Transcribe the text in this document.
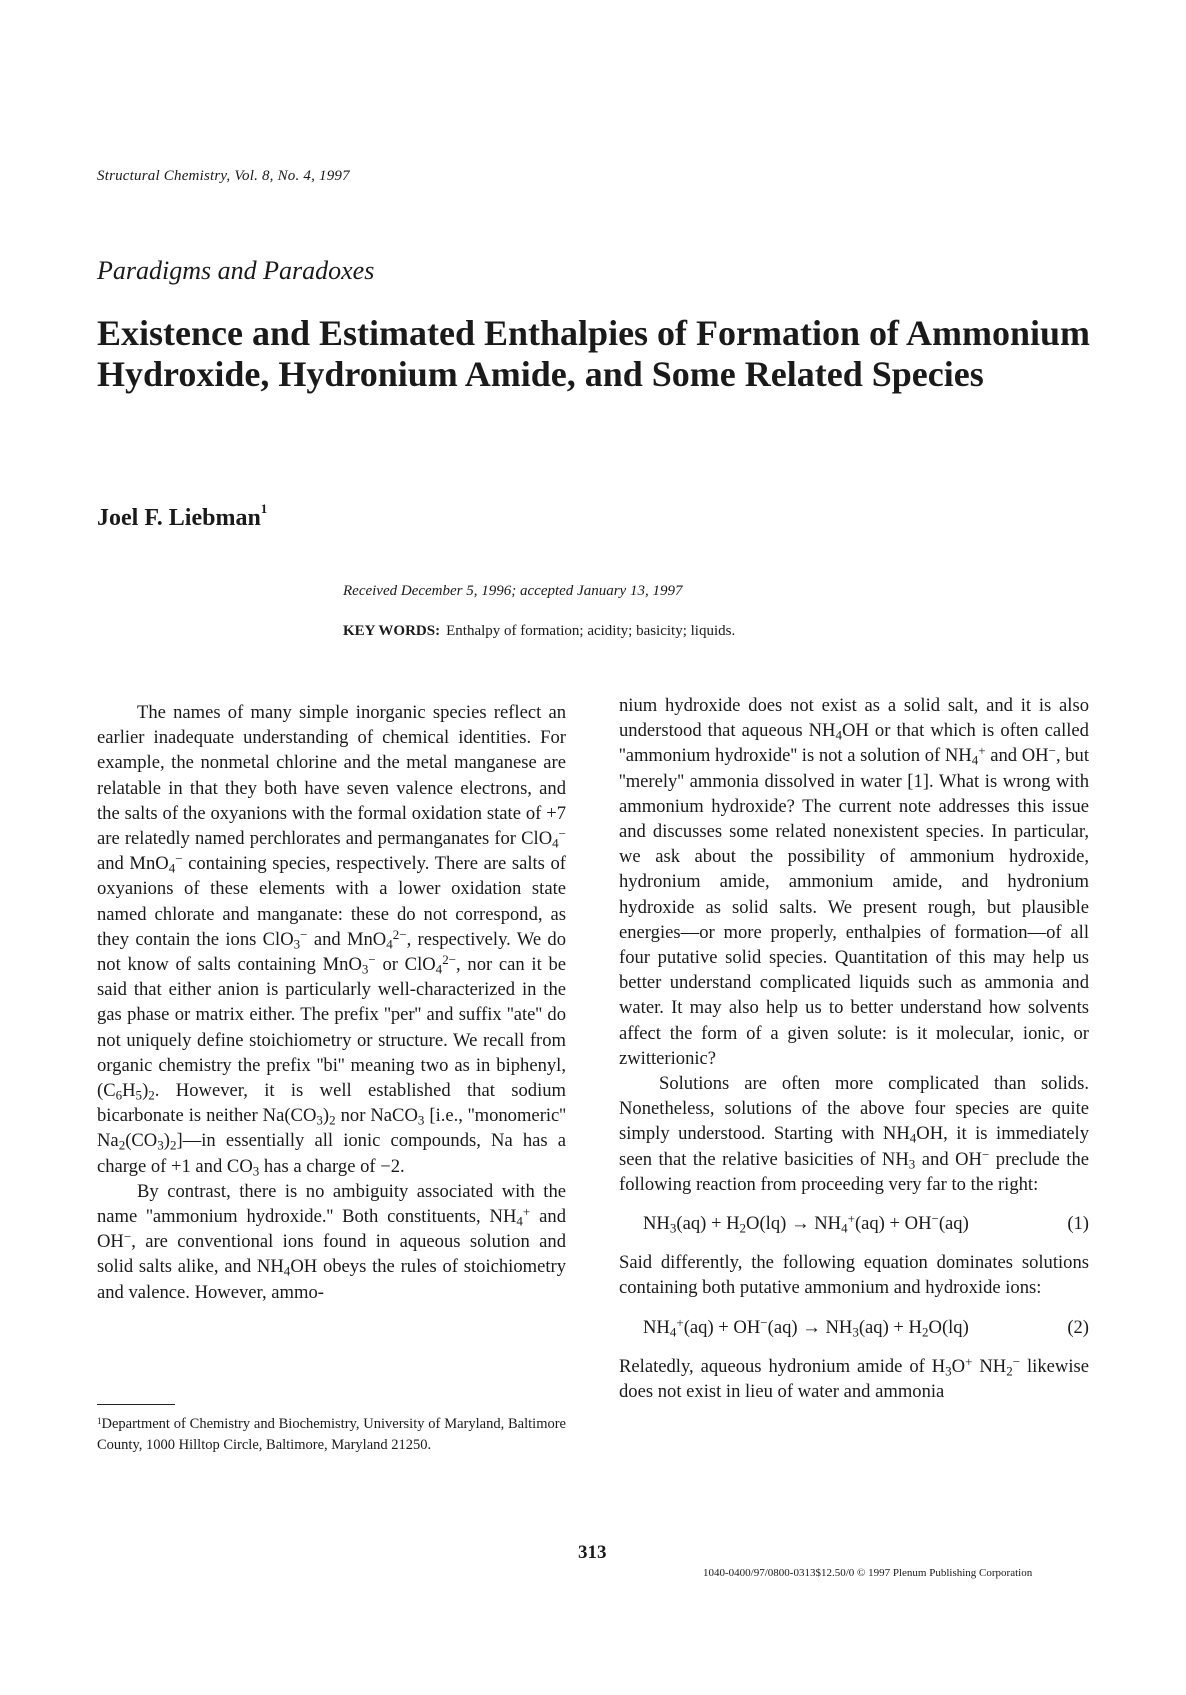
Structural Chemistry, Vol. 8, No. 4, 1997
Paradigms and Paradoxes
Existence and Estimated Enthalpies of Formation of Ammonium Hydroxide, Hydronium Amide, and Some Related Species
Joel F. Liebman$^1$
Received December 5, 1996; accepted January 13, 1997
KEY WORDS: Enthalpy of formation; acidity; basicity; liquids.

The names of many simple inorganic species reflect an earlier inadequate understanding of chemical identities. For example, the nonmetal chlorine and the metal manganese are relatable in that they both have seven valence electrons, and the salts of the oxyanions with the formal oxidation state of +7 are relatedly named perchlorates and permanganates for ClO$_4$− and MnO$_4$− containing species, respectively. There are salts of oxyanions of these elements with a lower oxidation state named chlorate and manganate: these do not correspond, as they contain the ions ClO$_3$− and MnO$_4^{2-}$, respectively. We do not know of salts containing MnO$_3$− or ClO$_4^{2-}$, nor can it be said that either anion is particularly well-characterized in the gas phase or matrix either. The prefix ''per'' and suffix ''ate'' do not uniquely define stoichiometry or structure. We recall from organic chemistry the prefix ''bi'' meaning two as in biphenyl, $(C_6H_5)_2$. However, it is well established that sodium bicarbonate is neither $Na(CO_3)_2$ nor NaCO$_3$ [i.e., ''monomeric'' $Na_2(CO_3)_2]—in$ essentially all ionic compounds, Na has a charge of +1 and $CO_3$ has a charge of −2.

By contrast, there is no ambiguity associated with the name ''ammonium hydroxide.'' Both constituents, $NH_4^+$ and OH−, are conventional ions found in aqueous solution and solid salts alike, and $NH_4OH$ obeys the rules of stoichiometry and valence. However, ammo-

nium hydroxide does not exist as a solid salt, and it is also understood that aqueous $NH_4OH$ or that which is often called ''ammonium hydroxide'' is not a solution of $NH_4^+$ and OH−, but ''merely'' ammonia dissolved in water [1]. What is wrong with ammonium hydroxide? The current note addresses this issue and discusses some related nonexistent species. In particular, we ask about the possibility of ammonium hydroxide, hydronium amide, ammonium amide, and hydronium hydroxide as solid salts. We present rough, but plausible energies—or more properly, enthalpies of formation—of all four putative solid species. Quantitation of this may help us better understand complicated liquids such as ammonia and water. It may also help us to better understand how solvents affect the form of a given solute: is it molecular, ionic, or zwitterionic?

Solutions are often more complicated than solids. Nonetheless, solutions of the above four species are quite simply understood. Starting with $NH_4OH$, it is immediately seen that the relative basicities of $NH_3$ and OH− preclude the following reaction from proceeding very far to the right:

$NH_3(aq) + H_2O(lq) \to NH_4^+(aq) + OH^-(aq)$	(1)

Said differently, the following equation dominates solutions containing both putative ammonium and hydroxide ions:

$NH_4^+(aq) + OH^-(aq) \to NH_3(aq) + H_2O(lq)$	(2)

Relatedly, aqueous hydronium amide of $H_3O^+$ $NH_2^-$ likewise does not exist in lieu of water and ammonia

$^1$Department of Chemistry and Biochemistry, University of Maryland, Baltimore County, 1000 Hilltop Circle, Baltimore, Maryland 21250.
313
1040-0400/97/0800-0313$12.50/0 © 1997 Plenum Publishing Corporation
